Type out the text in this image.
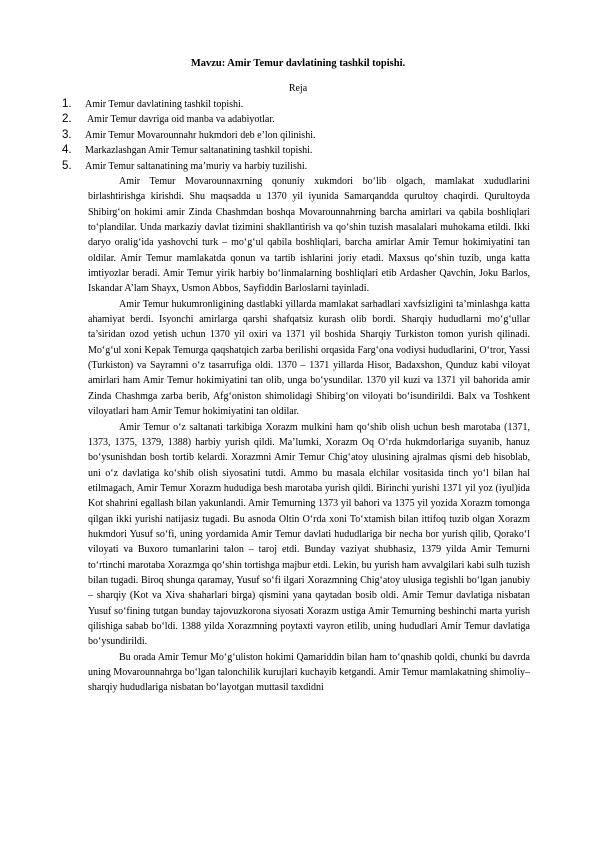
Mavzu: Amir Temur davlatining tashkil topishi.
Reja
1. Amir Temur davlatining tashkil topishi.
2. Amir Temur davriga oid manba va adabiyotlar.
3. Amir Temur Movarounnahr hukmdori deb e’lon qilinishi.
4. Markazlashgan Amir Temur saltanatining tashkil topishi.
5. Amir Temur saltanatining ma’muriy va harbiy tuzilishi.

Amir Temur Movarounnaxrning qonuniy xukmdori bo‘lib olgach, mamlakat xududlarini birlashtirishga kirishdi. Shu maqsadda u 1370 yil iyunida Samarqandda qurultoy chaqirdi. Qurultoyda Shibirg‘on hokimi amir Zinda Chashmdan boshqa Movarounnahrning barcha amirlari va qabila boshliqlari to‘plandilar. Unda markaziy davlat tizimini shakllantirish va qo‘shin tuzish masalalari muhokama etildi. Ikki daryo oralig‘ida yashovchi turk – mo‘g‘ul qabila boshliqlari, barcha amirlar Amir Temur hokimiyatini tan oldilar. Amir Temur mamlakatda qonun va tartib ishlarini joriy etadi. Maxsus qo‘shin tuzib, unga katta imtiyozlar beradi. Amir Temur yirik harbiy bo‘linmalarning boshliqlari etib Ardasher Qavchin, Joku Barlos, Iskandar A’lam Shayx, Usmon Abbos, Sayfiddin Barloslarni tayinladi.

Amir Temur hukumronligining dastlabki yillarda mamlakat sarhadlari xavfsizligini ta’minlashga katta ahamiyat berdi. Isyonchi amirlarga qarshi shafqatsiz kurash olib bordi. Sharqiy hududlarni mo‘g‘ullar ta’siridan ozod yetish uchun 1370 yil oxiri va 1371 yil boshida Sharqiy Turkiston tomon yurish qilinadi. Mo‘g‘ul xoni Kepak Temurga qaqshatqich zarba berilishi orqasida Farg‘ona vodiysi hududlarini, O‘tror, Yassi (Turkiston) va Sayramni o‘z tasarrufiga oldi. 1370 – 1371 yillarda Hisor, Badaxshon, Qunduz kabi viloyat amirlari ham Amir Temur hokimiyatini tan olib, unga bo‘ysundilar. 1370 yil kuzi va 1371 yil bahorida amir Zinda Chashmga zarba berib, Afg‘oniston shimolidagi Shibirg‘on viloyati bo‘isundirildi. Balx va Toshkent viloyatlari ham Amir Temur hokimiyatini tan oldilar.

Amir Temur o‘z saltanati tarkibiga Xorazm mulkini ham qo‘shib olish uchun besh marotaba (1371, 1373, 1375, 1379, 1388) harbiy yurish qildi. Ma’lumki, Xorazm Oq O‘rda hukmdorlariga suyanib, hanuz bo‘ysunishdan bosh tortib kelardi. Xorazmni Amir Temur Chig‘atoy ulusining ajralmas qismi deb hisoblab, uni o‘z davlatiga ko‘shib olish siyosatini tutdi. Ammo bu masala elchilar vositasida tinch yo‘l bilan hal etilmagach, Amir Temur Xorazm hududiga besh marotaba yurish qildi. Birinchi yurishi 1371 yil yoz (iyul)ida Kot shahrini egallash bilan yakunlandi. Amir Temurning 1373 yil bahori va 1375 yil yozida Xorazm tomonga qilgan ikki yurishi natijasiz tugadi. Bu asnoda Oltin O‘rda xoni To‘xtamish bilan ittifoq tuzib olgan Xorazm hukmdori Yusuf so‘fi, uning yordamida Amir Temur davlati hududlariga bir necha bor yurish qilib, Qorako‘l viloyati va Buxoro tumanlarini talon – taroj etdi. Bunday vaziyat shubhasiz, 1379 yilda Amir Temurni to‘rtinchi marotaba Xorazmga qo‘shin tortishga majbur etdi. Lekin, bu yurish ham avvalgilari kabi sulh tuzish bilan tugadi. Biroq shunga qaramay, Yusuf so‘fi ilgari Xorazmning Chig‘atoy ulusiga tegishli bo‘lgan janubiy – sharqiy (Kot va Xiva shaharlari birga) qismini yana qaytadan bosib oldi. Amir Temur davlatiga nisbatan Yusuf so‘fining tutgan bunday tajovuzkorona siyosati Xorazm ustiga Amir Temurning beshinchi marta yurish qilishiga sabab bo‘ldi. 1388 yilda Xorazmning poytaxti vayron etilib, uning hududlari Amir Temur davlatiga bo‘ysundirildi.

Bu orada Amir Temur Mo‘g‘uliston hokimi Qamariddin bilan ham to‘qnashib qoldi, chunki bu davrda uning Movarounnahrga bo‘lgan talonchilik kurujlari kuchayib ketgandi. Amir Temur mamlakatning shimoliy–sharqiy hududlariga nisbatan bo‘layotgan muttasil taxdidni
